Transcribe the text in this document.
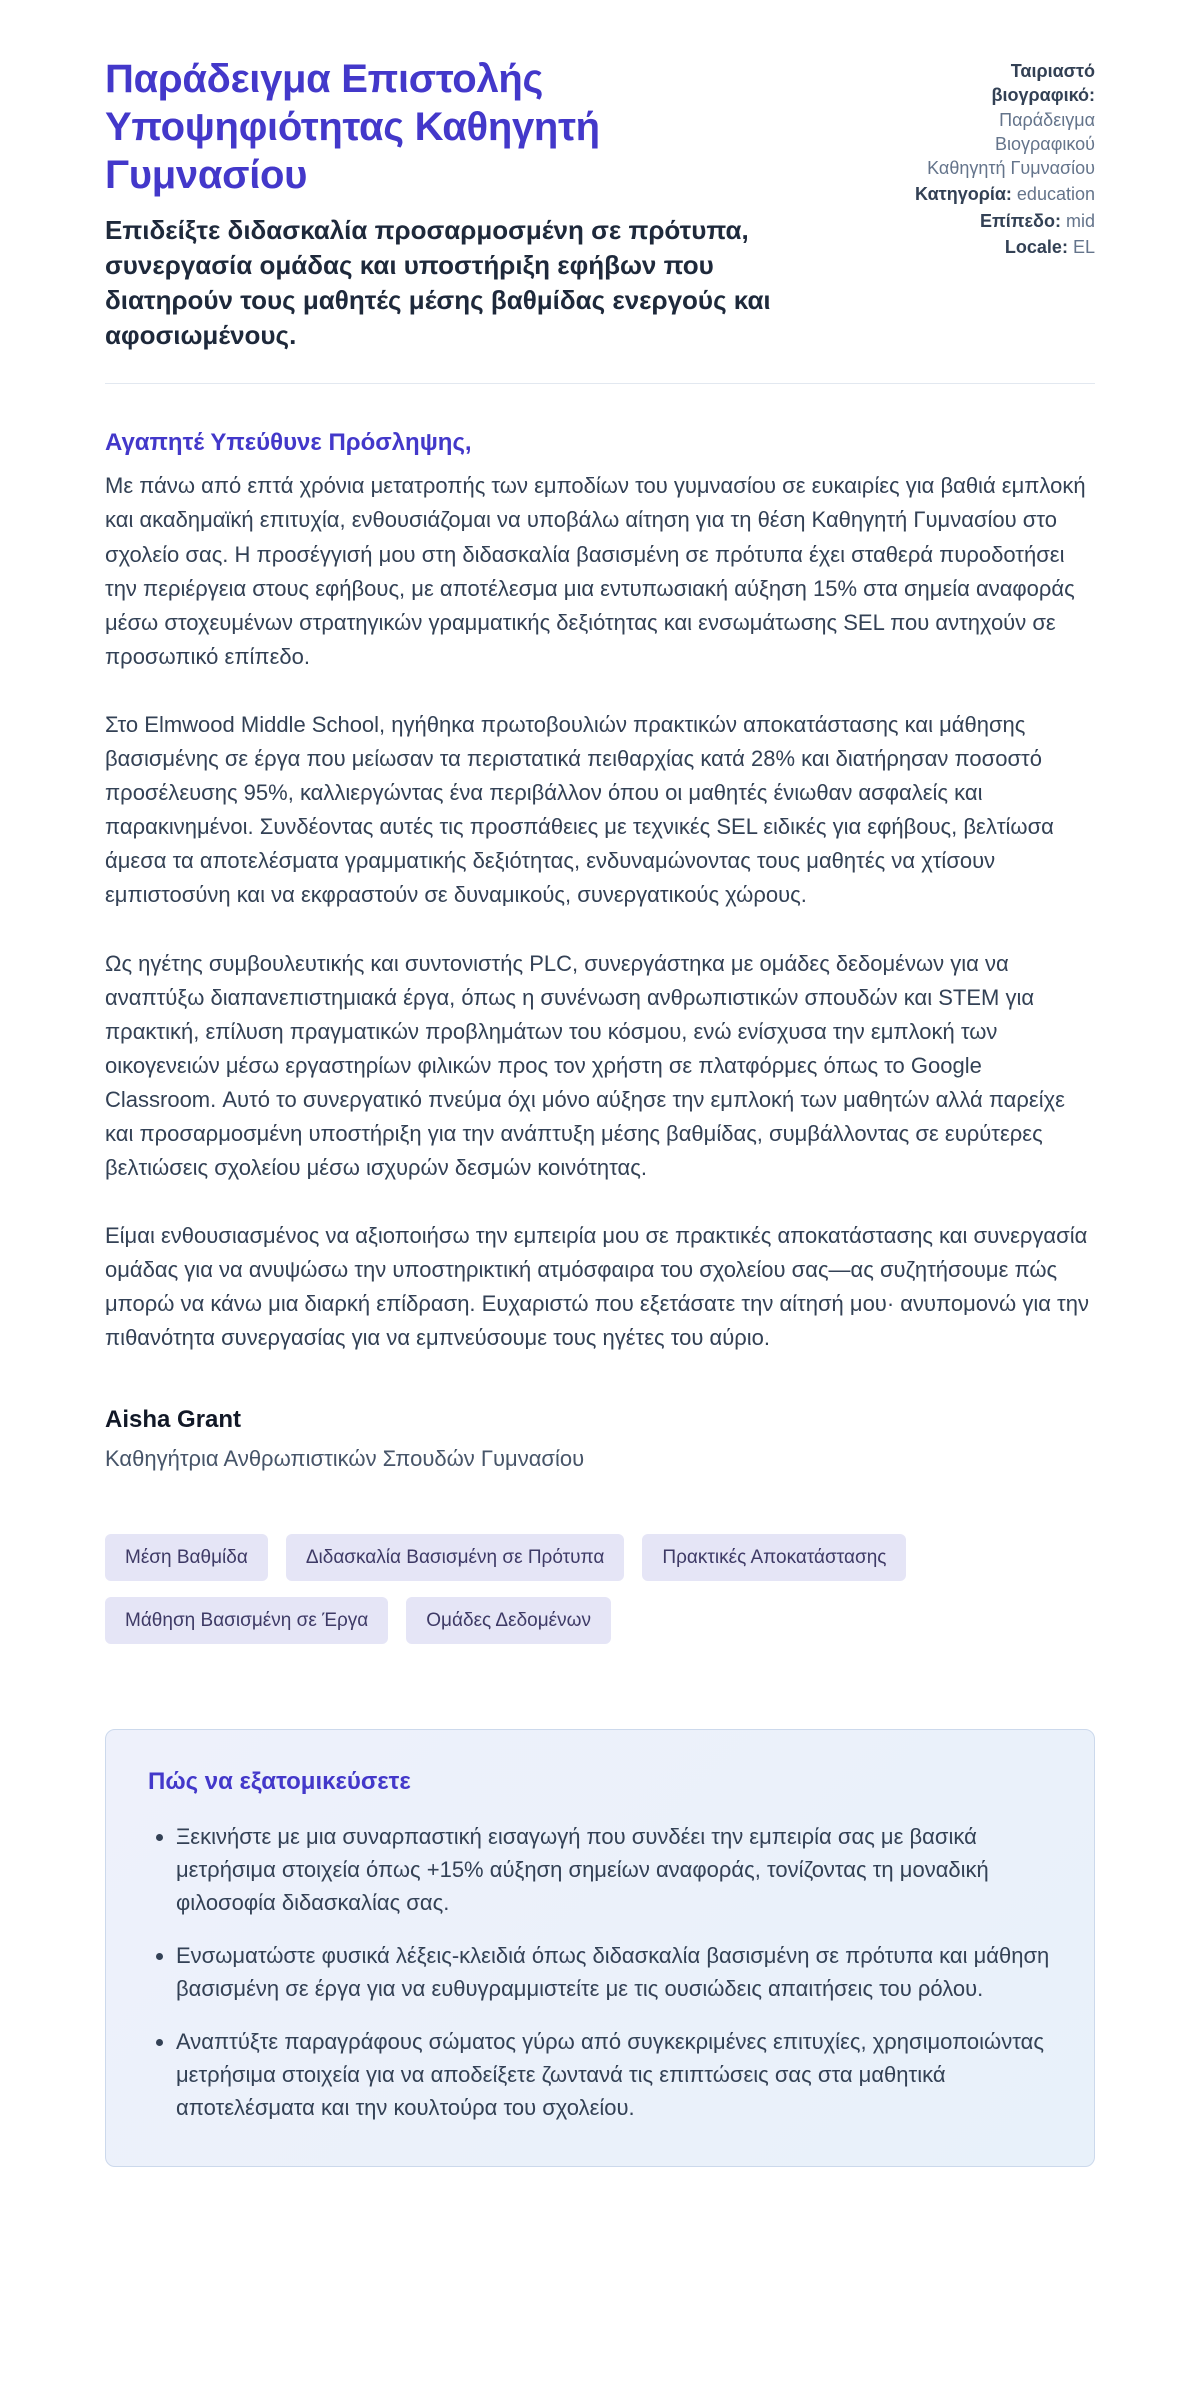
Παράδειγμα Επιστολής Υποψηφιότητας Καθηγητή Γυμνασίου

Επιδείξτε διδασκαλία προσαρμοσμένη σε πρότυπα, συνεργασία ομάδας και υποστήριξη εφήβων που διατηρούν τους μαθητές μέσης βαθμίδας ενεργούς και αφοσιωμένους.

Ταιριαστό βιογραφικό: Παράδειγμα Βιογραφικού Καθηγητή Γυμνασίου
Κατηγορία: education
Επίπεδο: mid
Locale: EL

Αγαπητέ Υπεύθυνε Πρόσληψης,

Με πάνω από επτά χρόνια μετατροπής των εμποδίων του γυμνασίου σε ευκαιρίες για βαθιά εμπλοκή και ακαδημαϊκή επιτυχία, ενθουσιάζομαι να υποβάλω αίτηση για τη θέση Καθηγητή Γυμνασίου στο σχολείο σας. Η προσέγγισή μου στη διδασκαλία βασισμένη σε πρότυπα έχει σταθερά πυροδοτήσει την περιέργεια στους εφήβους, με αποτέλεσμα μια εντυπωσιακή αύξηση 15% στα σημεία αναφοράς μέσω στοχευμένων στρατηγικών γραμματικής δεξιότητας και ενσωμάτωσης SEL που αντηχούν σε προσωπικό επίπεδο.

Στο Elmwood Middle School, ηγήθηκα πρωτοβουλιών πρακτικών αποκατάστασης και μάθησης βασισμένης σε έργα που μείωσαν τα περιστατικά πειθαρχίας κατά 28% και διατήρησαν ποσοστό προσέλευσης 95%, καλλιεργώντας ένα περιβάλλον όπου οι μαθητές ένιωθαν ασφαλείς και παρακινημένοι. Συνδέοντας αυτές τις προσπάθειες με τεχνικές SEL ειδικές για εφήβους, βελτίωσα άμεσα τα αποτελέσματα γραμματικής δεξιότητας, ενδυναμώνοντας τους μαθητές να χτίσουν εμπιστοσύνη και να εκφραστούν σε δυναμικούς, συνεργατικούς χώρους.

Ως ηγέτης συμβουλευτικής και συντονιστής PLC, συνεργάστηκα με ομάδες δεδομένων για να αναπτύξω διαπανεπιστημιακά έργα, όπως η συνένωση ανθρωπιστικών σπουδών και STEM για πρακτική, επίλυση πραγματικών προβλημάτων του κόσμου, ενώ ενίσχυσα την εμπλοκή των οικογενειών μέσω εργαστηρίων φιλικών προς τον χρήστη σε πλατφόρμες όπως το Google Classroom. Αυτό το συνεργατικό πνεύμα όχι μόνο αύξησε την εμπλοκή των μαθητών αλλά παρείχε και προσαρμοσμένη υποστήριξη για την ανάπτυξη μέσης βαθμίδας, συμβάλλοντας σε ευρύτερες βελτιώσεις σχολείου μέσω ισχυρών δεσμών κοινότητας.

Είμαι ενθουσιασμένος να αξιοποιήσω την εμπειρία μου σε πρακτικές αποκατάστασης και συνεργασία ομάδας για να ανυψώσω την υποστηρικτική ατμόσφαιρα του σχολείου σας—ας συζητήσουμε πώς μπορώ να κάνω μια διαρκή επίδραση. Ευχαριστώ που εξετάσατε την αίτησή μου· ανυπομονώ για την πιθανότητα συνεργασίας για να εμπνεύσουμε τους ηγέτες του αύριο.

Aisha Grant

Καθηγήτρια Ανθρωπιστικών Σπουδών Γυμνασίου

Μέση Βαθμίδα	Διδασκαλία Βασισμένη σε Πρότυπα	Πρακτικές Αποκατάστασης
Μάθηση Βασισμένη σε Έργα	Ομάδες Δεδομένων

Πώς να εξατομικεύσετε

• Ξεκινήστε με μια συναρπαστική εισαγωγή που συνδέει την εμπειρία σας με βασικά μετρήσιμα στοιχεία όπως +15% αύξηση σημείων αναφοράς, τονίζοντας τη μοναδική φιλοσοφία διδασκαλίας σας.
• Ενσωματώστε φυσικά λέξεις-κλειδιά όπως διδασκαλία βασισμένη σε πρότυπα και μάθηση βασισμένη σε έργα για να ευθυγραμμιστείτε με τις ουσιώδεις απαιτήσεις του ρόλου.
• Αναπτύξτε παραγράφους σώματος γύρω από συγκεκριμένες επιτυχίες, χρησιμοποιώντας μετρήσιμα στοιχεία για να αποδείξετε ζωντανά τις επιπτώσεις σας στα μαθητικά αποτελέσματα και την κουλτούρα του σχολείου.
